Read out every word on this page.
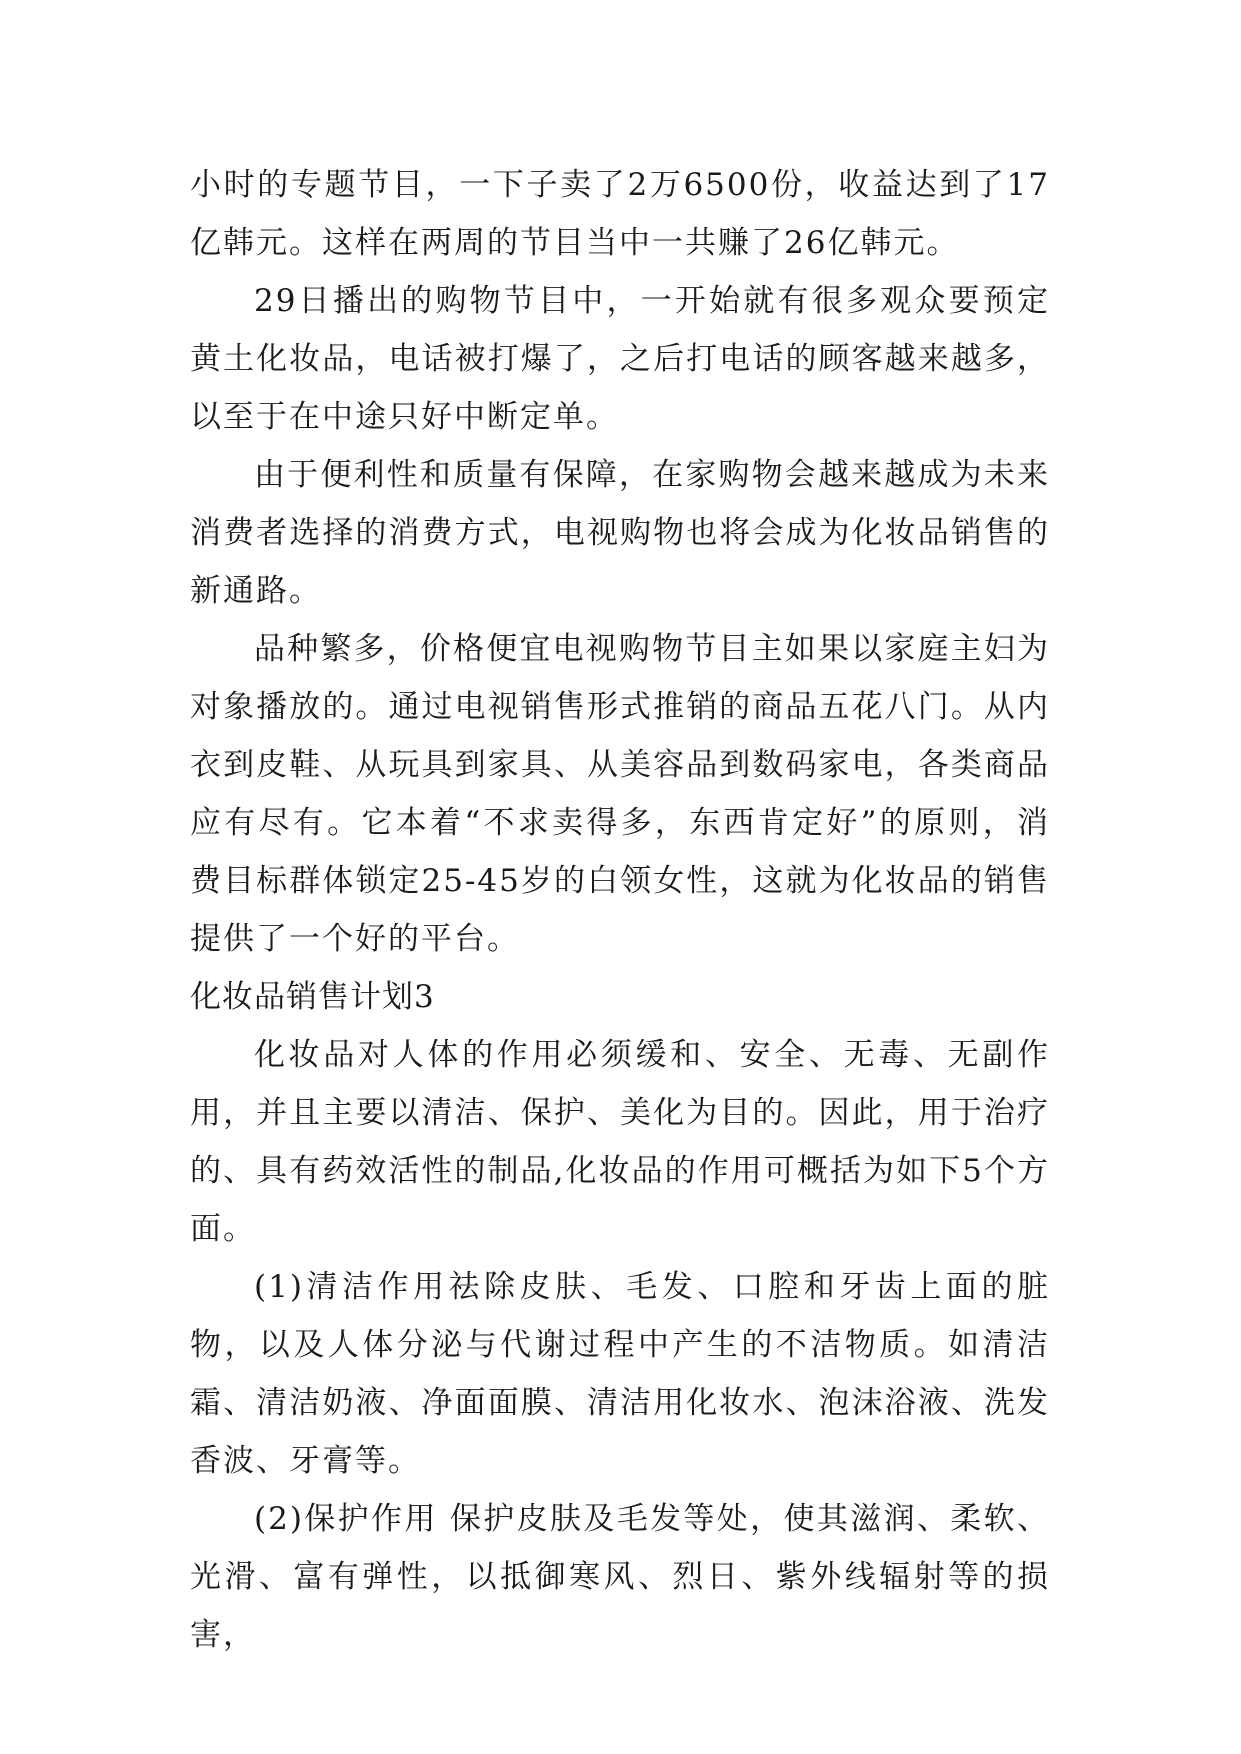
小时的专题节目，一下子卖了2万6500份，收益达到了17亿韩元。这样在两周的节目当中一共赚了26亿韩元。

29日播出的购物节目中，一开始就有很多观众要预定黄土化妆品，电话被打爆了，之后打电话的顾客越来越多，以至于在中途只好中断定单。

由于便利性和质量有保障，在家购物会越来越成为未来消费者选择的消费方式，电视购物也将会成为化妆品销售的新通路。

品种繁多，价格便宜电视购物节目主如果以家庭主妇为对象播放的。通过电视销售形式推销的商品五花八门。从内衣到皮鞋、从玩具到家具、从美容品到数码家电，各类商品应有尽有。它本着“不求卖得多，东西肯定好”的原则，消费目标群体锁定25-45岁的白领女性，这就为化妆品的销售提供了一个好的平台。

化妆品销售计划3

化妆品对人体的作用必须缓和、安全、无毒、无副作用，并且主要以清洁、保护、美化为目的。因此，用于治疗的、具有药效活性的制品,化妆品的作用可概括为如下5个方面。

(1)清洁作用祛除皮肤、毛发、口腔和牙齿上面的脏物，以及人体分泌与代谢过程中产生的不洁物质。如清洁霜、清洁奶液、净面面膜、清洁用化妆水、泡沫浴液、洗发香波、牙膏等。

(2)保护作用 保护皮肤及毛发等处，使其滋润、柔软、光滑、富有弹性，以抵御寒风、烈日、紫外线辐射等的损害，
